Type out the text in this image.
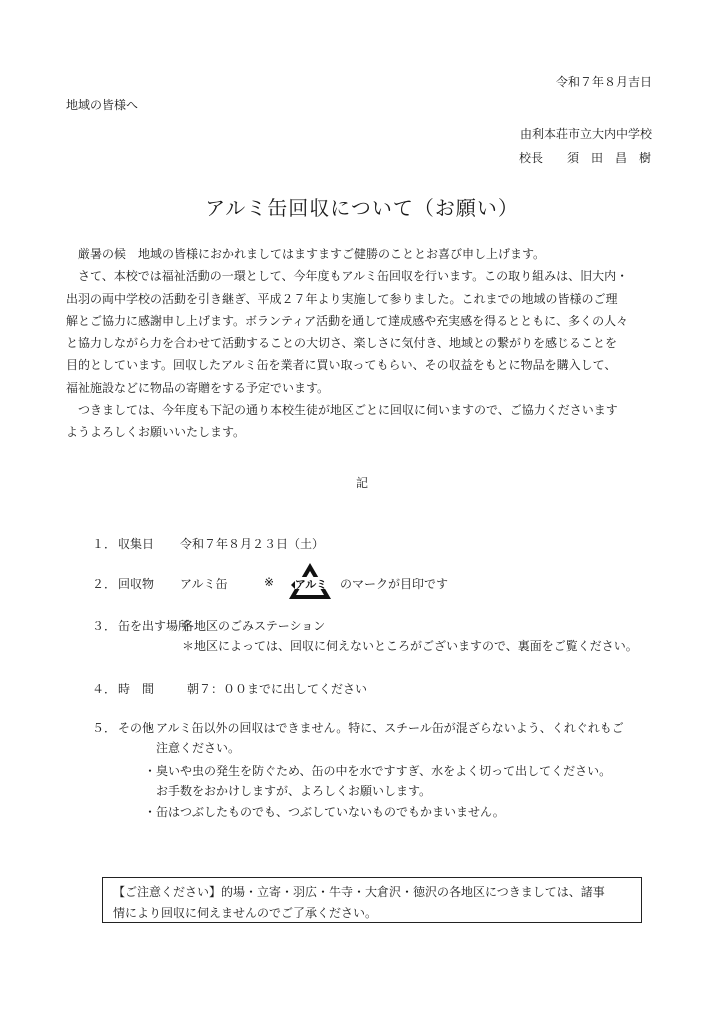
令和７年８月吉日
地域の皆様へ
由利本荘市立大内中学校
校長 須　田　昌　樹
アルミ缶回収について（お願い）

　厳暑の候　地域の皆様におかれましてはますますご健勝のこととお喜び申し上げます。

　さて、本校では福祉活動の一環として、今年度もアルミ缶回収を行います。この取り組みは、旧大内・

出羽の両中学校の活動を引き継ぎ、平成２７年より実施して参りました。これまでの地域の皆様のご理

解とご協力に感謝申し上げます。ボランティア活動を通して達成感や充実感を得るとともに、多くの人々

と協力しながら力を合わせて活動することの大切さ、楽しさに気付き、地域との繋がりを感じることを

目的としています。回収したアルミ缶を業者に買い取ってもらい、その収益をもとに物品を購入して、

福祉施設などに物品の寄贈をする予定でいます。

　つきましては、今年度も下記の通り本校生徒が地区ごとに回収に伺いますので、ご協力くださいます

ようよろしくお願いいたします。

記
１． 収集日 令和７年８月２３日（土）
２． 回収物 アルミ缶	※ アルミ のマークが目印です
３． 缶を出す場所
各地区のごみステーション
＊地区によっては、回収に伺えないところがございますので、裏面をご覧ください。
４． 時　間	朝７：００までに出してください
５． その他
・アルミ缶以外の回収はできません。特に、スチール缶が混ざらないよう、くれぐれもご
　注意ください。
・臭いや虫の発生を防ぐため、缶の中を水ですすぎ、水をよく切って出してください。
　お手数をおかけしますが、よろしくお願いします。
・缶はつぶしたものでも、つぶしていないものでもかまいません。
【ご注意ください】的場・立寄・羽広・牛寺・大倉沢・徳沢の各地区につきましては、諸事
情により回収に伺えませんのでご了承ください。
